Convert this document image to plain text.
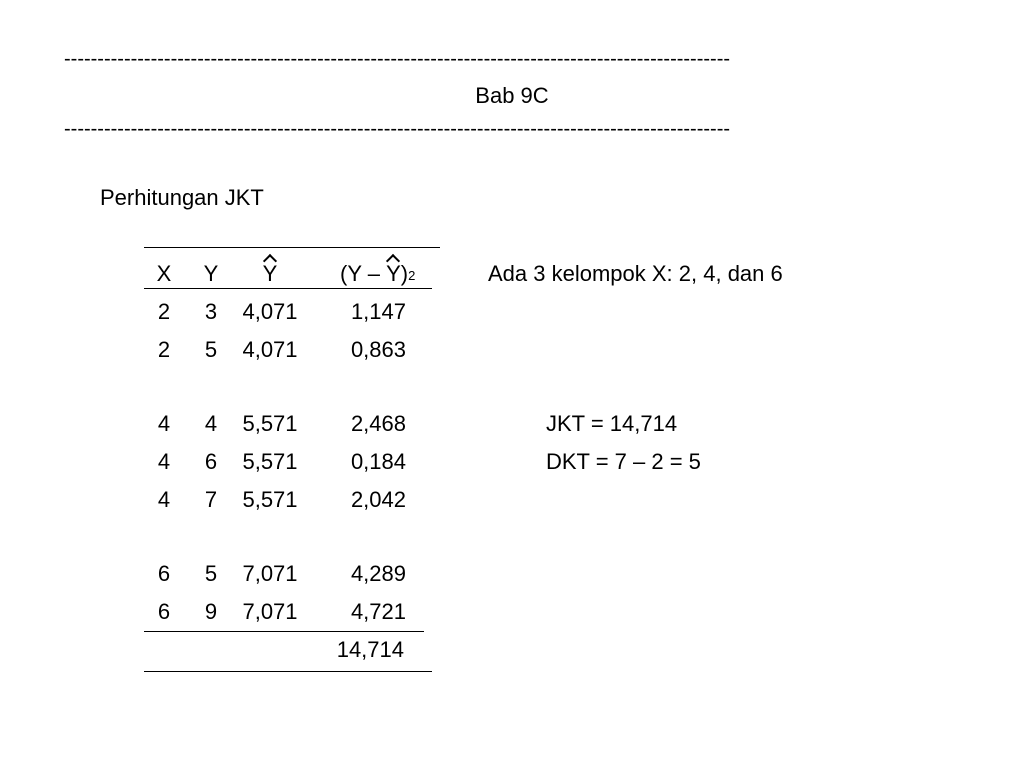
----------------------------------------------------------------------------------------------------
Bab 9C
----------------------------------------------------------------------------------------------------
Perhitungan JKT
X	Y	Y	(Y – Y)$^2$
2	3	4,071	1,147
2	5	4,071	0,863
4	4	5,571	2,468
4	6	5,571	0,184
4	7	5,571	2,042
6	5	7,071	4,289
6	9	7,071	4,721
14,714
Ada 3 kelompok X: 2, 4, dan 6
JKT = 14,714
DKT = 7 – 2 = 5
